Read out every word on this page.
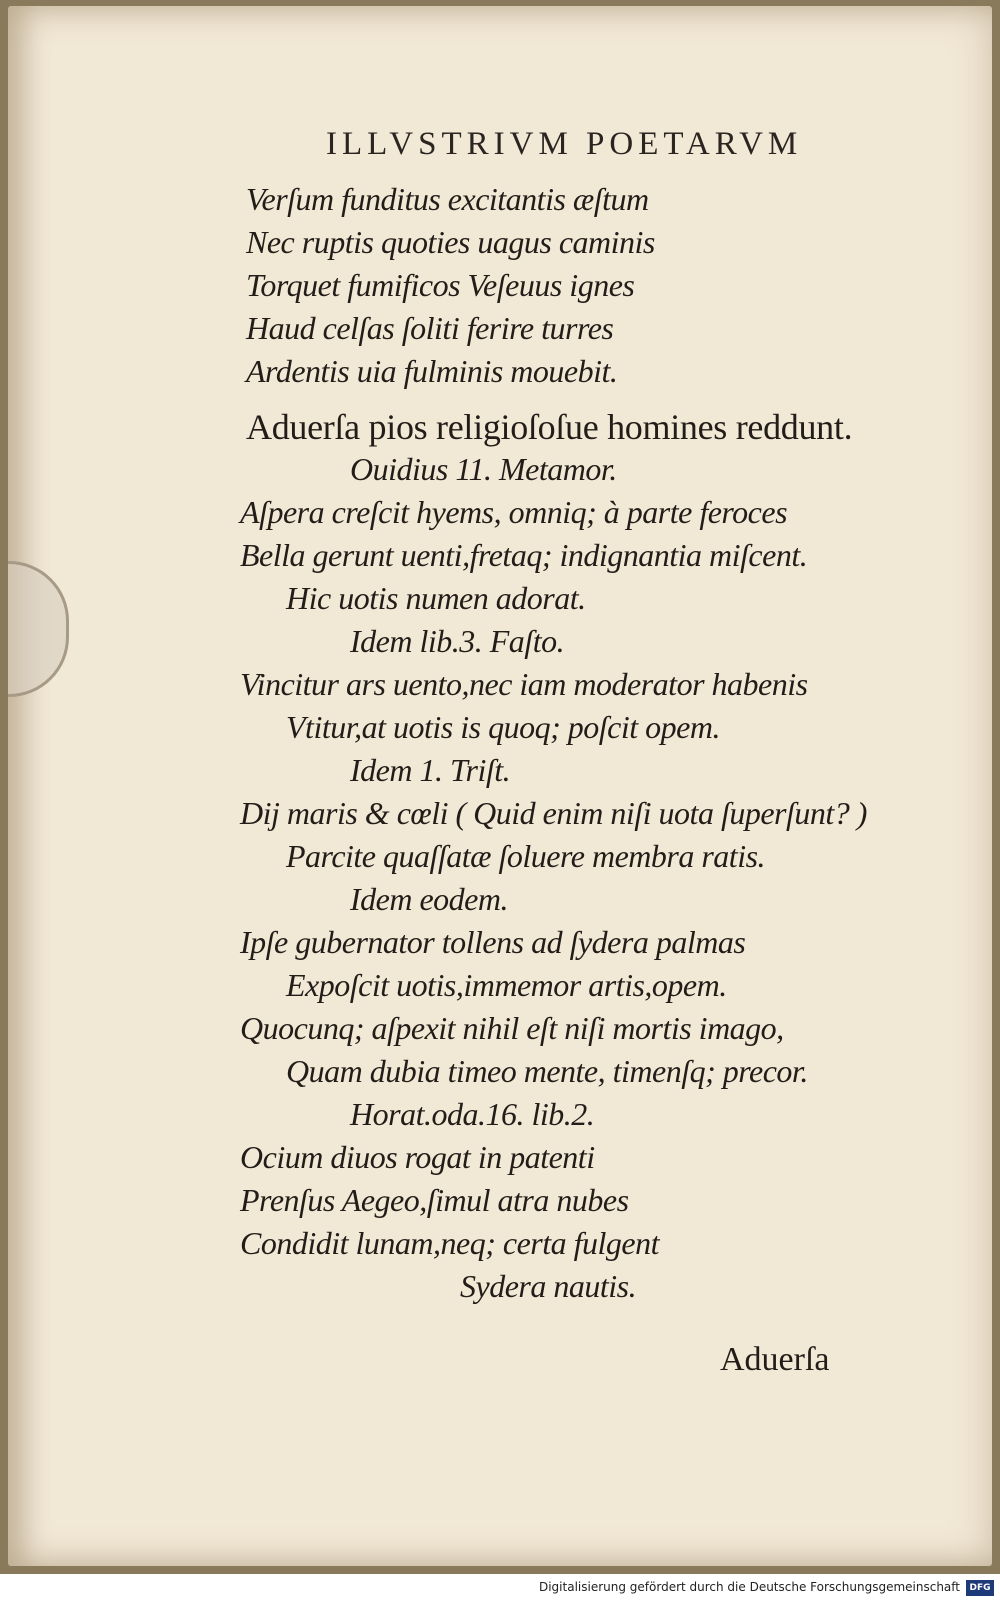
ILLVSTRIVM POETARVM
Verſum funditus excitantis æſtum
Nec ruptis quoties uagus caminis
Torquet fumificos Veſeuus ignes
Haud celſas ſoliti ferire turres
Ardentis uia fulminis mouebit.
Aduerſa pios religioſoſue homines reddunt.
Ouidius 11. Metamor.
Aſpera creſcit hyems, omniq; à parte feroces
Bella gerunt uenti,fretaq; indignantia miſcent.
Hic uotis numen adorat.
Idem lib.3. Faſto.
Vincitur ars uento,nec iam moderator habenis
Vtitur,at uotis is quoq; poſcit opem.
Idem 1. Triſt.
Dij maris & cœli ( Quid enim niſi uota ſuperſunt? )
Parcite quaſſatæ ſoluere membra ratis.
Idem eodem.
Ipſe gubernator tollens ad ſydera palmas
Expoſcit uotis,immemor artis,opem.
Quocunq; aſpexit nihil eſt niſi mortis imago,
Quam dubia timeo mente, timenſq; precor.
Horat.oda.16. lib.2.
Ocium diuos rogat in patenti
Prenſus Aegeo,ſimul atra nubes
Condidit lunam,neq; certa fulgent
Sydera nautis.
Aduerſa
Digitalisierung gefördert durch die Deutsche Forschungsgemeinschaft	DFG
